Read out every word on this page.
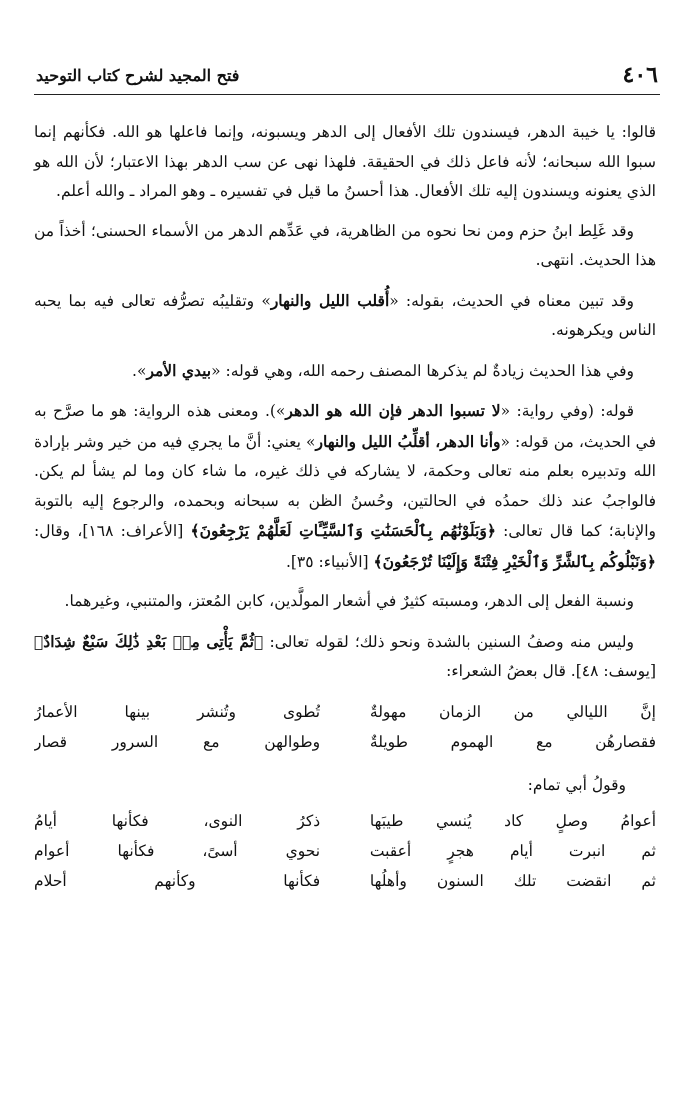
٤٠٦
فتح المجيد لشرح كتاب التوحيد

قالوا: يا خيبة الدهر، فيسندون تلك الأفعال إلى الدهر ويسبونه، وإنما فاعلها هو الله. فكأنهم إنما سبوا الله سبحانه؛ لأنه فاعل ذلك في الحقيقة. فلهذا نهى عن سب الدهر بهذا الاعتبار؛ لأن الله هو الذي يعنونه ويسندون إليه تلك الأفعال. هذا أحسنُ ما قيل في تفسيره ـ وهو المراد ـ والله أعلم.

وقد غَلِط ابنُ حزم ومن نحا نحوه من الظاهرية، في عَدِّهم الدهر من الأسماء الحسنى؛ أخذاً من هذا الحديث. انتهى.

وقد تبين معناه في الحديث، بقوله: «أُقلب الليل والنهار» وتقليبُه تصرُّفه تعالى فيه بما يحبه الناس ويكرهونه.

وفي هذا الحديث زيادةٌ لم يذكرها المصنف رحمه الله، وهي قوله: «بيدي الأمر».

قوله: (وفي رواية: «لا تسبوا الدهر فإن الله هو الدهر»). ومعنى هذه الرواية: هو ما صرَّح به في الحديث، من قوله: «وأنا الدهر، أقلِّبُ الليل والنهار» يعني: أنَّ ما يجري فيه من خير وشر بإرادة الله وتدبيره بعلم منه تعالى وحكمة، لا يشاركه في ذلك غيره، ما شاء كان وما لم يشأ لم يكن. فالواجبُ عند ذلك حمدُه في الحالتين، وحُسنُ الظن به سبحانه وبحمده، والرجوع إليه بالتوبة والإنابة؛ كما قال تعالى: ﴿وَبَلَوْنَٰهُم بِٱلْحَسَنَٰتِ وَٱلسَّيِّـَٔاتِ لَعَلَّهُمْ يَرْجِعُونَ﴾ [الأعراف: ١٦٨]، وقال: ﴿وَنَبْلُوكُم بِٱلشَّرِّ وَٱلْخَيْرِ فِتْنَةً وَإِلَيْنَا تُرْجَعُونَ﴾ [الأنبياء: ٣٥].

ونسبة الفعل إلى الدهر، ومسبته كثيرٌ في أشعار المولَّدين، كابن المُعتز، والمتنبي، وغيرهما.

وليس منه وصفُ السنين بالشدة ونحو ذلك؛ لقوله تعالى: ﴿ثُمَّ يَأْتِى مِنۢ بَعْدِ ذَٰلِكَ سَبْعٌ شِدَادٌ﴾ [يوسف: ٤٨]. قال بعضُ الشعراء:

إنَّ الليالي من الزمان مهولةٌ
تُطوى وتُنشر بينها الأعمارُ
فقصارهُن مع الهموم طويلةٌ
وطوالهن مع السرور قصار

وقولُ أبي تمام:

أعوامُ وصلٍ كاد يُنسي طيبَها
ذكرُ النوى، فكأنها أيامُ
ثم انبرت أيام هجرٍ أعقبت
نحوي أسىً، فكأنها أعوام
ثم انقضت تلك السنون وأهلُها
فكأنها وكأنهم أحلام
